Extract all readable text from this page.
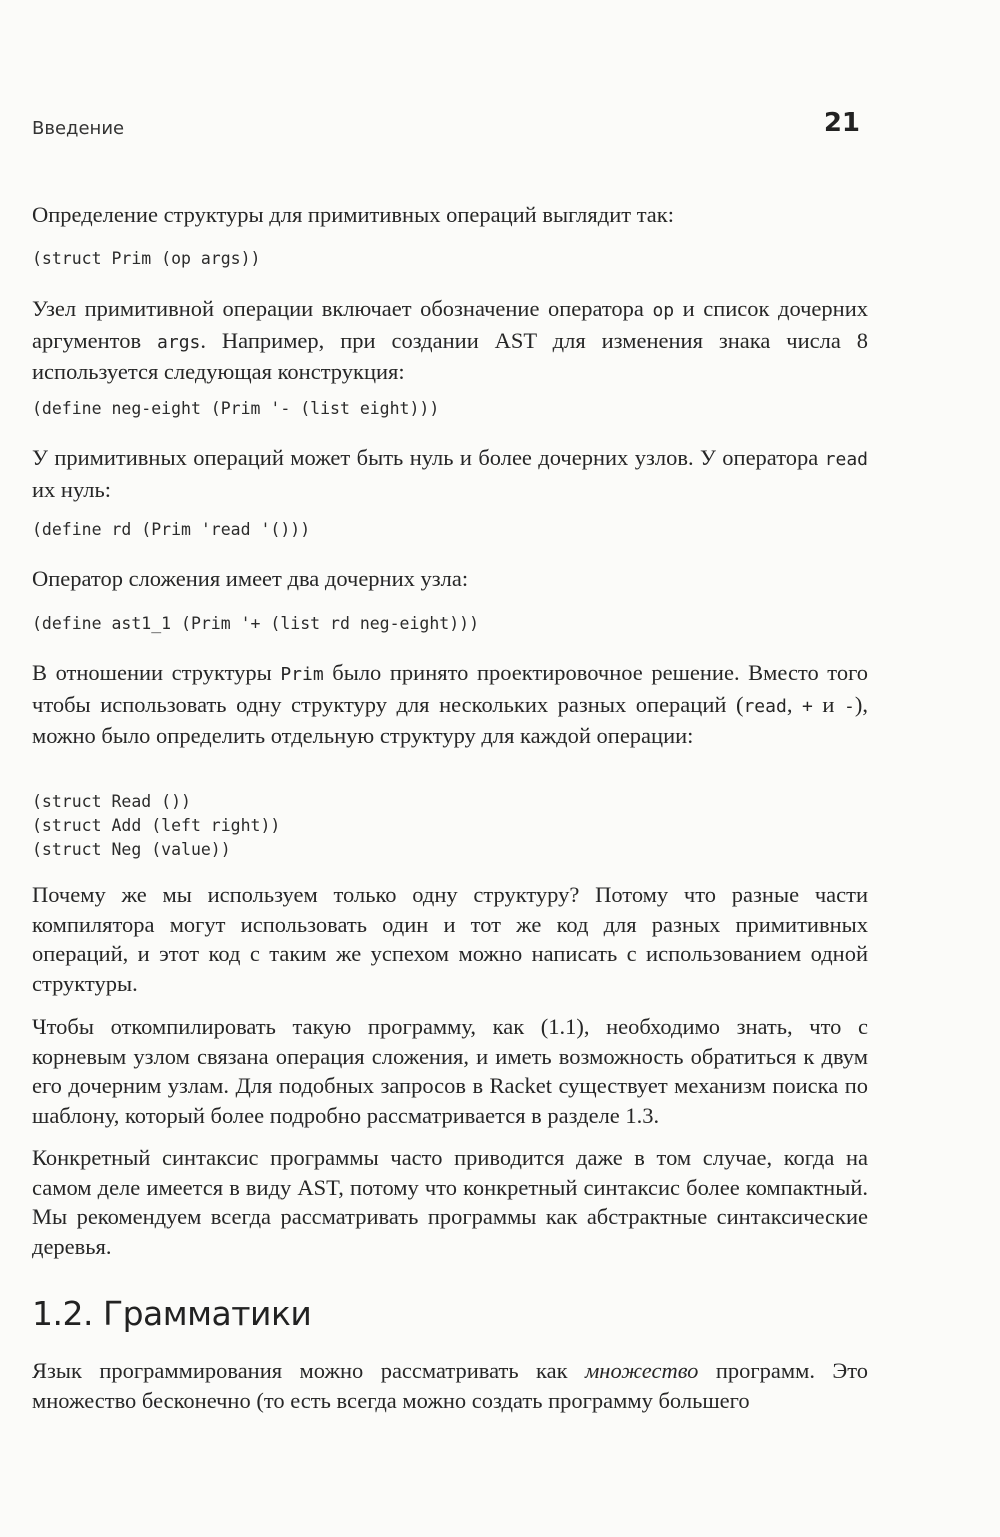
Введение	21

Определение структуры для примитивных операций выглядит так:

(struct Prim (op args))

Узел примитивной операции включает обозначение оператора op и список дочерних аргументов args. Например, при создании AST для изменения знака числа 8 используется следующая конструкция:

(define neg-eight (Prim '- (list eight)))

У примитивных операций может быть нуль и более дочерних узлов. У оператора read их нуль:

(define rd (Prim 'read '()))

Оператор сложения имеет два дочерних узла:

(define ast1_1 (Prim '+ (list rd neg-eight)))

В отношении структуры Prim было принято проектировочное решение. Вместо того чтобы использовать одну структуру для нескольких разных операций (read, + и -), можно было определить отдельную структуру для каждой операции:

(struct Read ())
(struct Add (left right))
(struct Neg (value))

Почему же мы используем только одну структуру? Потому что разные части компилятора могут использовать один и тот же код для разных примитивных операций, и этот код с таким же успехом можно написать с использованием одной структуры.

Чтобы откомпилировать такую программу, как (1.1), необходимо знать, что с корневым узлом связана операция сложения, и иметь возможность обратиться к двум его дочерним узлам. Для подобных запросов в Racket существует механизм поиска по шаблону, который более подробно рассматривается в разделе 1.3.

Конкретный синтаксис программы часто приводится даже в том случае, когда на самом деле имеется в виду AST, потому что конкретный синтаксис более компактный. Мы рекомендуем всегда рассматривать программы как абстрактные синтаксические деревья.

1.2. Грамматики

Язык программирования можно рассматривать как множество программ. Это множество бесконечно (то есть всегда можно создать программу большего
